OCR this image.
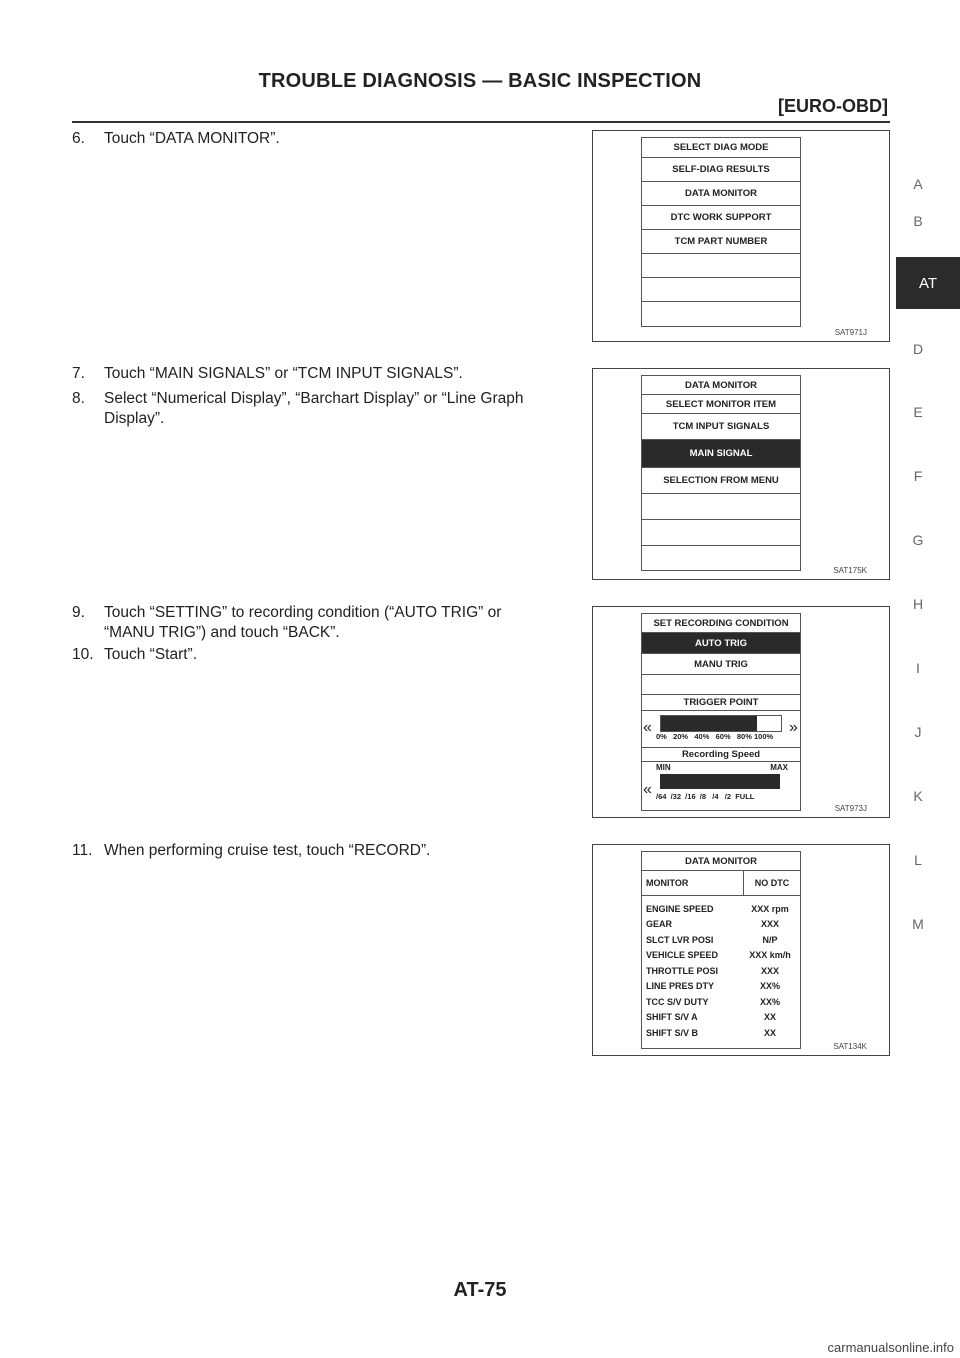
TROUBLE DIAGNOSIS — BASIC INSPECTION
[EURO-OBD]
A
B
AT
D
E
F
G
H
I
J
K
L
M
6. Touch “DATA MONITOR”.
7. Touch “MAIN SIGNALS” or “TCM INPUT SIGNALS”.
8. Select “Numerical Display”, “Barchart Display” or “Line Graph
Display”.
9. Touch “SETTING” to recording condition (“AUTO TRIG” or
“MANU TRIG”) and touch “BACK”.
10. Touch “Start”.
11. When performing cruise test, touch “RECORD”.
SELECT DIAG MODE
SELF-DIAG RESULTS
DATA MONITOR
DTC WORK SUPPORT
TCM PART NUMBER
SAT971J
DATA MONITOR
SELECT MONITOR ITEM
TCM INPUT SIGNALS
MAIN SIGNAL
SELECTION FROM MENU
SAT175K
SET RECORDING CONDITION
AUTO TRIG
MANU TRIG
TRIGGER POINT
0%   20%   40%   60%   80% 100%
Recording Speed
MIN	MAX
/64  /32  /16  /8   /4   /2  FULL
«	»
«
SAT973J
DATA MONITOR
MONITOR	NO DTC
ENGINE SPEED	XXX rpm
GEAR	XXX
SLCT LVR POSI	N/P
VEHICLE SPEED	XXX km/h
THROTTLE POSI	XXX
LINE PRES DTY	XX%
TCC S/V DUTY	XX%
SHIFT S/V A	XX
SHIFT S/V B	XX
SAT134K
AT-75
carmanualsonline.info
